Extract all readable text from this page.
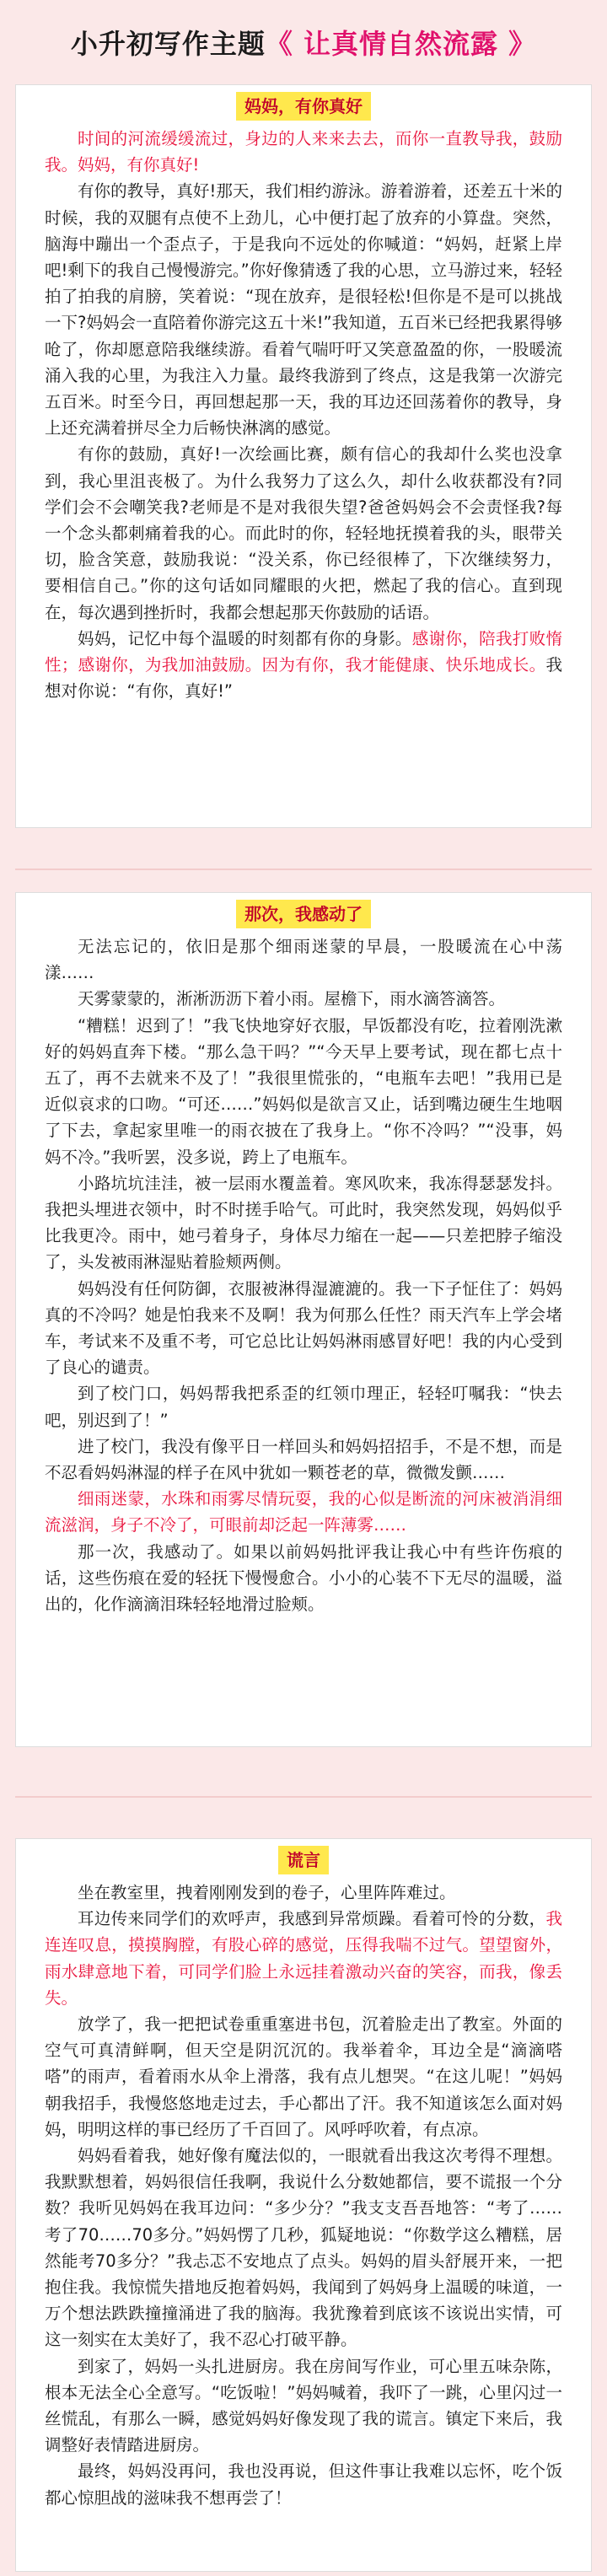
小升初写作主题《 让真情自然流露 》
妈妈，有你真好

时间的河流缓缓流过，身边的人来来去去，而你一直教导我，鼓励我。妈妈，有你真好!

有你的教导，真好!那天，我们相约游泳。游着游着，还差五十米的时候，我的双腿有点使不上劲儿，心中便打起了放弃的小算盘。突然，脑海中蹦出一个歪点子，于是我向不远处的你喊道：“妈妈，赶紧上岸吧!剩下的我自己慢慢游完。”你好像猜透了我的心思，立马游过来，轻轻拍了拍我的肩膀，笑着说：“现在放弃，是很轻松!但你是不是可以挑战一下?妈妈会一直陪着你游完这五十米!”我知道，五百米已经把我累得够呛了，你却愿意陪我继续游。看着气喘吁吁又笑意盈盈的你，一股暖流涌入我的心里，为我注入力量。最终我游到了终点，这是我第一次游完五百米。时至今日，再回想起那一天，我的耳边还回荡着你的教导，身上还充满着拼尽全力后畅快淋漓的感觉。

有你的鼓励，真好!一次绘画比赛，颇有信心的我却什么奖也没拿到，我心里沮丧极了。为什么我努力了这么久，却什么收获都没有?同学们会不会嘲笑我?老师是不是对我很失望?爸爸妈妈会不会责怪我?每一个念头都刺痛着我的心。而此时的你，轻轻地抚摸着我的头，眼带关切，脸含笑意，鼓励我说：“没关系，你已经很棒了，下次继续努力，要相信自己。”你的这句话如同耀眼的火把，燃起了我的信心。直到现在，每次遇到挫折时，我都会想起那天你鼓励的话语。

妈妈，记忆中每个温暖的时刻都有你的身影。感谢你，陪我打败惰性；感谢你，为我加油鼓励。因为有你，我才能健康、快乐地成长。我想对你说：“有你，真好!”

那次，我感动了

无法忘记的，依旧是那个细雨迷蒙的早晨，一股暖流在心中荡漾……

天雾蒙蒙的，淅淅沥沥下着小雨。屋檐下，雨水滴答滴答。

“糟糕！迟到了！”我飞快地穿好衣服，早饭都没有吃，拉着刚洗漱好的妈妈直奔下楼。“那么急干吗？”“今天早上要考试，现在都七点十五了，再不去就来不及了！”我很里慌张的，“电瓶车去吧！”我用已是近似哀求的口吻。“可还……”妈妈似是欲言又止，话到嘴边硬生生地咽了下去，拿起家里唯一的雨衣披在了我身上。“你不冷吗？”“没事，妈妈不冷。”我听罢，没多说，跨上了电瓶车。

小路坑坑洼洼，被一层雨水覆盖着。寒风吹来，我冻得瑟瑟发抖。我把头埋进衣领中，时不时搓手哈气。可此时，我突然发现，妈妈似乎比我更冷。雨中，她弓着身子，身体尽力缩在一起——只差把脖子缩没了，头发被雨淋湿贴着脸颊两侧。

妈妈没有任何防御，衣服被淋得湿漉漉的。我一下子怔住了：妈妈真的不冷吗？她是怕我来不及啊！我为何那么任性？雨天汽车上学会堵车，考试来不及重不考，可它总比让妈妈淋雨感冒好吧！我的内心受到了良心的谴责。

到了校门口，妈妈帮我把系歪的红领巾理正，轻轻叮嘱我：“快去吧，别迟到了！”

进了校门，我没有像平日一样回头和妈妈招招手，不是不想，而是不忍看妈妈淋湿的样子在风中犹如一颗苍老的草，微微发颤……

细雨迷蒙，水珠和雨雾尽情玩耍，我的心似是断流的河床被消涓细流滋润，身子不冷了，可眼前却泛起一阵薄雾……

那一次，我感动了。如果以前妈妈批评我让我心中有些许伤痕的话，这些伤痕在爱的轻抚下慢慢愈合。小小的心装不下无尽的温暖，溢出的，化作滴滴泪珠轻轻地滑过脸颊。

谎言

坐在教室里，拽着刚刚发到的卷子，心里阵阵难过。

耳边传来同学们的欢呼声，我感到异常烦躁。看着可怜的分数，我连连叹息，摸摸胸膛，有股心碎的感觉，压得我喘不过气。望望窗外，雨水肆意地下着，可同学们脸上永远挂着激动兴奋的笑容，而我，像丢失。

放学了，我一把把试卷重重塞进书包，沉着脸走出了教室。外面的空气可真清鲜啊，但天空是阴沉沉的。我举着伞，耳边全是“滴滴嗒嗒”的雨声，看着雨水从伞上滑落，我有点儿想哭。“在这儿呢！”妈妈朝我招手，我慢悠悠地走过去，手心都出了汗。我不知道该怎么面对妈妈，明明这样的事已经历了千百回了。风呼呼吹着，有点凉。

妈妈看着我，她好像有魔法似的，一眼就看出我这次考得不理想。我默默想着，妈妈很信任我啊，我说什么分数她都信，要不谎报一个分数？我听见妈妈在我耳边问：“多少分？”我支支吾吾地答：“考了……考了70……70多分。”妈妈愣了几秒，狐疑地说：“你数学这么糟糕，居然能考70多分？”我忐忑不安地点了点头。妈妈的眉头舒展开来，一把抱住我。我惊慌失措地反抱着妈妈，我闻到了妈妈身上温暖的味道，一万个想法跌跌撞撞涌进了我的脑海。我犹豫着到底该不该说出实情，可这一刻实在太美好了，我不忍心打破平静。

到家了，妈妈一头扎进厨房。我在房间写作业，可心里五味杂陈，根本无法全心全意写。“吃饭啦！”妈妈喊着，我吓了一跳，心里闪过一丝慌乱，有那么一瞬，感觉妈妈好像发现了我的谎言。镇定下来后，我调整好表情踏进厨房。

最终，妈妈没再问，我也没再说，但这件事让我难以忘怀，吃个饭都心惊胆战的滋味我不想再尝了！
